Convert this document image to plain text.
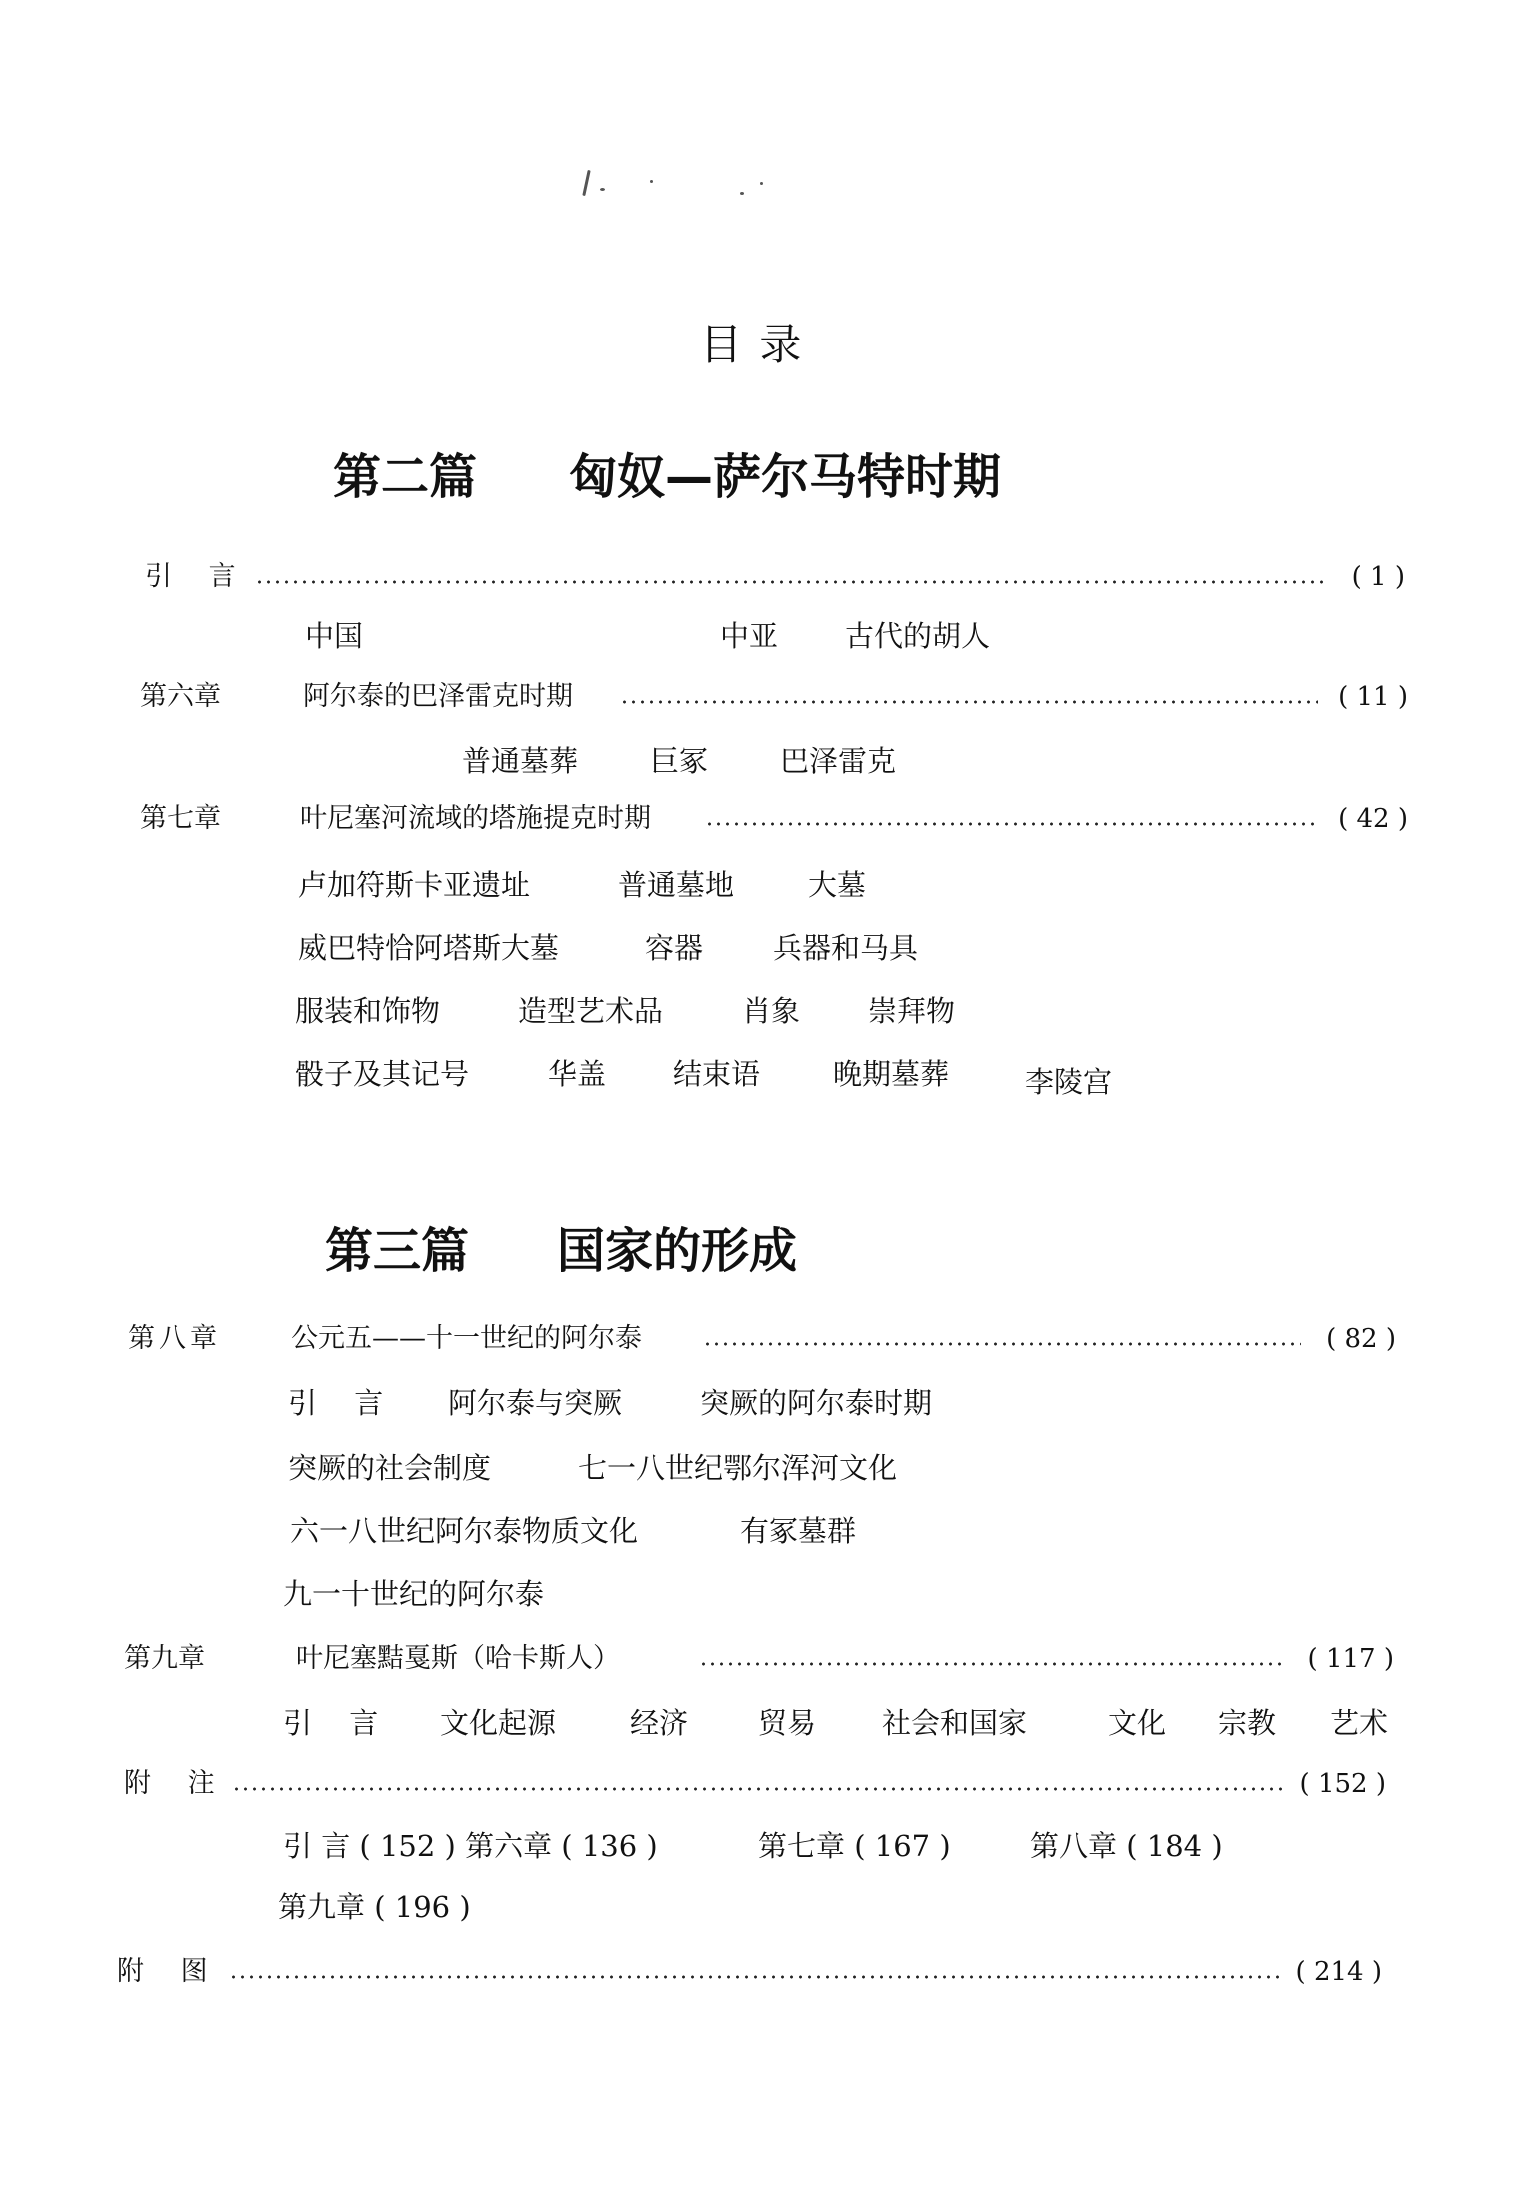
目 录
第二篇 匈奴—萨尔马特时期
引 言	( 1 )
中国	中亚 古代的胡人
第六章	阿尔泰的巴泽雷克时期	( 11 )
普通墓葬 巨冢 巴泽雷克
第七章	叶尼塞河流域的塔施提克时期	( 42 )
卢加符斯卡亚遗址	普通墓地	大墓
威巴特恰阿塔斯大墓	容器 兵器和马具
服装和饰物	造型艺术品	肖象 崇拜物
骰子及其记号	华盖 结束语	晚期墓葬	李陵宫
第三篇 国家的形成
第八章	公元五——十一世纪的阿尔泰	( 82 )
引 言 阿尔泰与突厥	突厥的阿尔泰时期
突厥的社会制度	七一八世纪鄂尔浑河文化
六一八世纪阿尔泰物质文化	有冢墓群
九一十世纪的阿尔泰
第九章	叶尼塞黠戛斯（哈卡斯人）	( 117 )
引 言 文化起源	经济 贸易 社会和国家	文化 宗教 艺术
附 注	( 152 )
引 言 ( 152 ) 第六章 ( 136 )	第七章 ( 167 )	第八章 ( 184 )
第九章 ( 196 )
附 图	( 214 )
